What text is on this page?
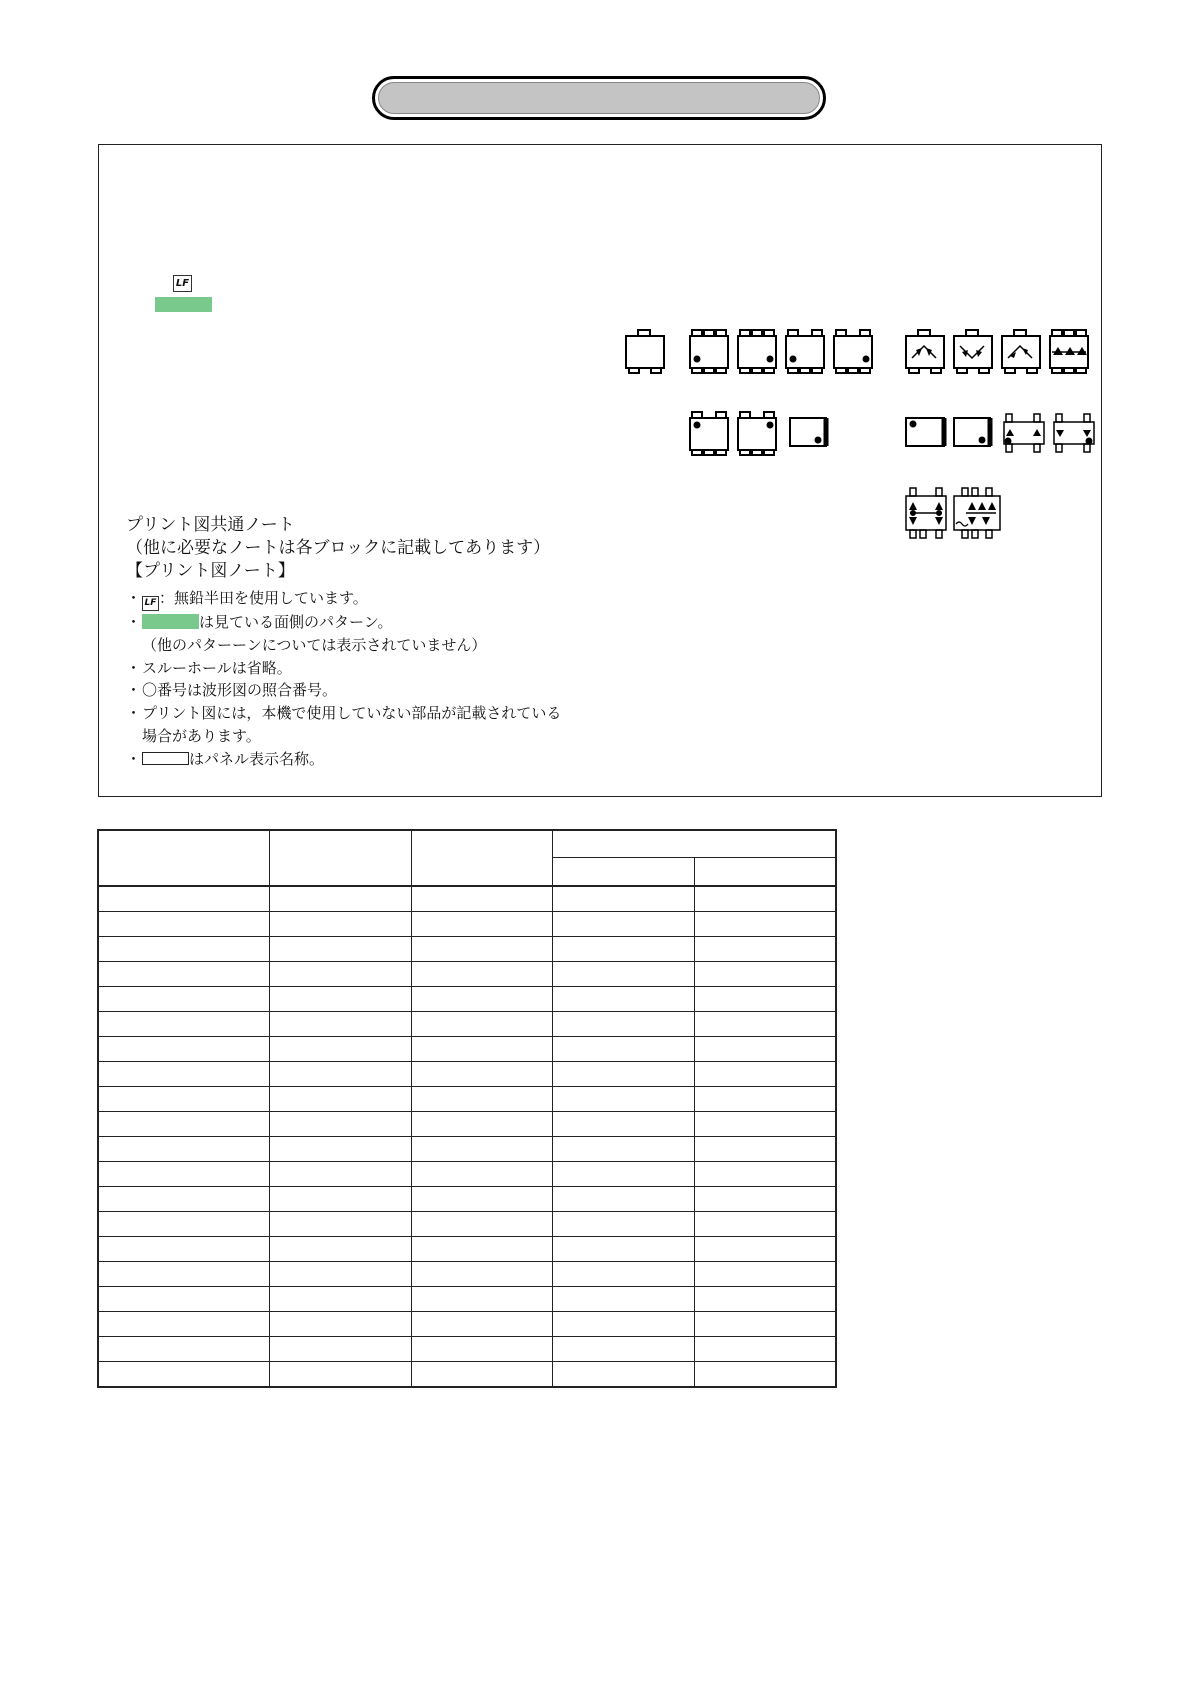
LF

プリント図共通ノート

（他に必要なノートは各ブロックに記載してあります）

【プリント図ノート】

・ LF ：無鉛半田を使用しています。
・	は見ている面側のパターン。
（他のパターーンについては表示されていません）
・スルーホールは省略。
・〇番号は波形図の照合番号。
・プリント図には，本機で使用していない部品が記載されている
場合があります。
・	はパネル表示名称。
